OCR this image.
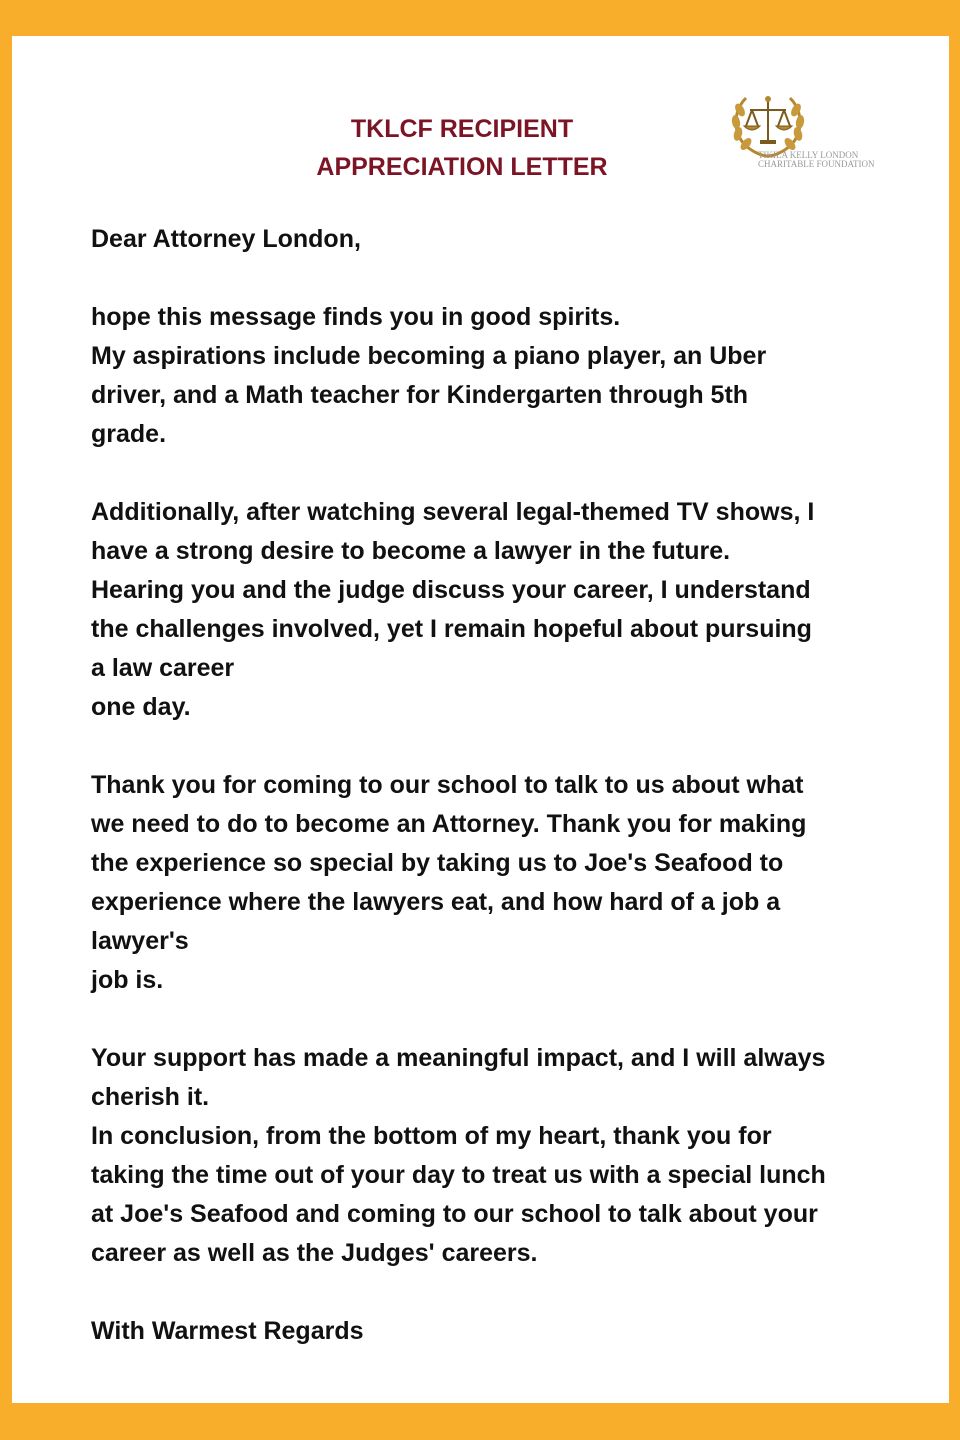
TKLCF RECIPIENT
APPRECIATION LETTER	TIKILA KELLY LONDON
CHARITABLE FOUNDATION
Dear Attorney London,
hope this message finds you in good spirits.
My aspirations include becoming a piano player, an Uber
driver, and a Math teacher for Kindergarten through 5th
grade.
Additionally, after watching several legal-themed TV shows, I
have a strong desire to become a lawyer in the future.
Hearing you and the judge discuss your career, I understand
the challenges involved, yet I remain hopeful about pursuing
a law career
one day.
Thank you for coming to our school to talk to us about what
we need to do to become an Attorney. Thank you for making
the experience so special by taking us to Joe's Seafood to
experience where the lawyers eat, and how hard of a job a
lawyer's
job is.
Your support has made a meaningful impact, and I will always
cherish it.
In conclusion, from the bottom of my heart, thank you for
taking the time out of your day to treat us with a special lunch
at Joe's Seafood and coming to our school to talk about your
career as well as the Judges' careers.
With Warmest Regards
